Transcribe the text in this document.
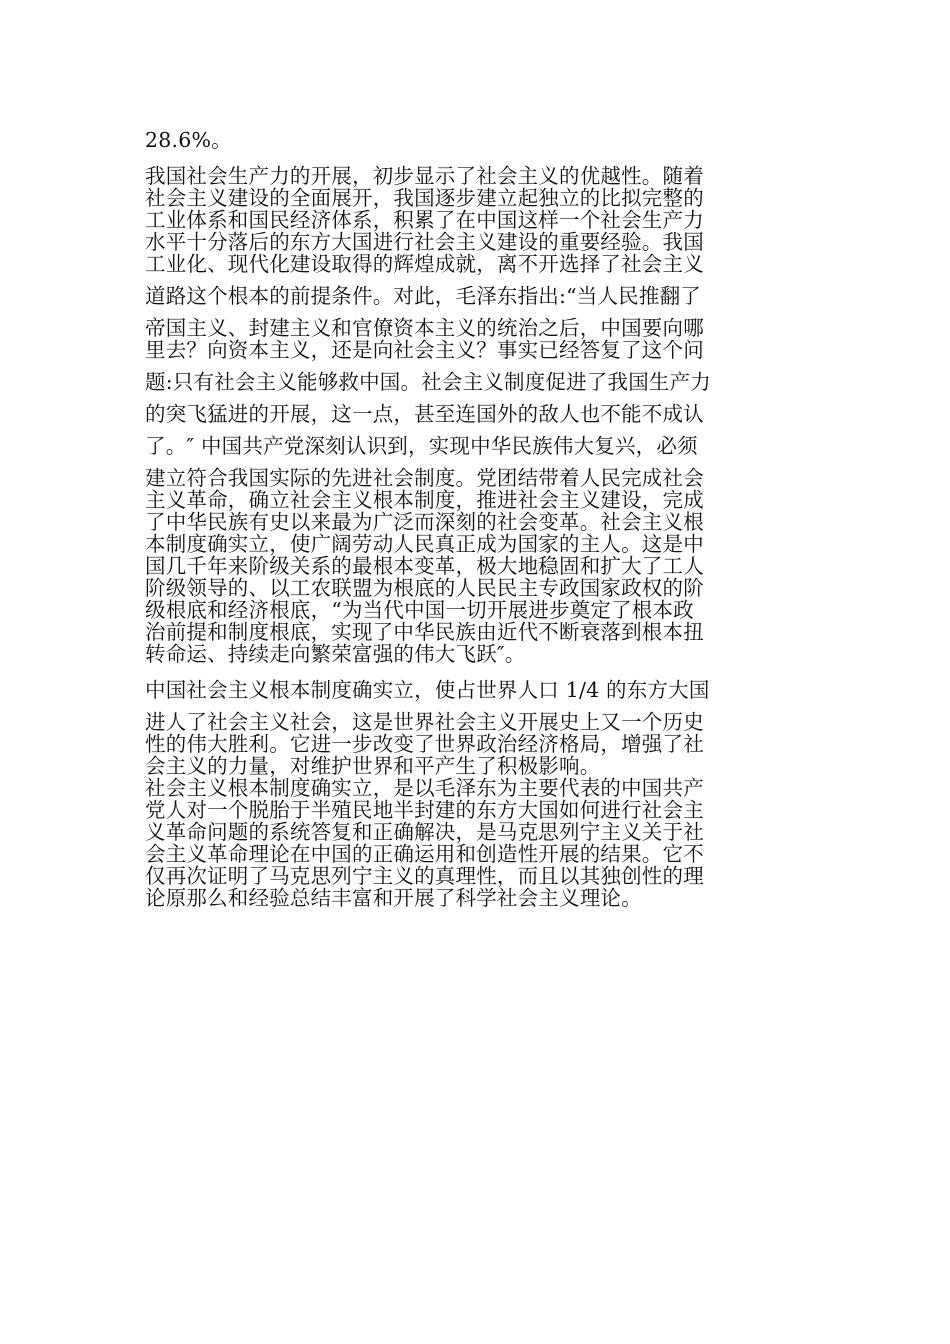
28.6%。
我国社会生产力的开展，初步显示了社会主义的优越性。随着
社会主义建设的全面展开，我国逐步建立起独立的比拟完整的
工业体系和国民经济体系，积累了在中国这样一个社会生产力
水平十分落后的东方大国进行社会主义建设的重要经验。我国
工业化、现代化建设取得的辉煌成就，离不开选择了社会主义
道路这个根本的前提条件。对此，毛泽东指出:“当人民推翻了
帝国主义、封建主义和官僚资本主义的统治之后，中国要向哪
里去？向资本主义，还是向社会主义？事实已经答复了这个问
题:只有社会主义能够救中国。社会主义制度促进了我国生产力
的突飞猛进的开展，这一点，甚至连国外的敌人也不能不成认
了。″ 中国共产党深刻认识到，实现中华民族伟大复兴，必须
建立符合我国实际的先进社会制度。党团结带着人民完成社会
主义革命，确立社会主义根本制度，推进社会主义建设，完成
了中华民族有史以来最为广泛而深刻的社会变革。社会主义根
本制度确实立，使广阔劳动人民真正成为国家的主人。这是中
国几千年来阶级关系的最根本变革，极大地稳固和扩大了工人
阶级领导的、以工农联盟为根底的人民民主专政国家政权的阶
级根底和经济根底，“为当代中国一切开展进步奠定了根本政
治前提和制度根底，实现了中华民族由近代不断衰落到根本扭
转命运、持续走向繁荣富强的伟大飞跃″。
中国社会主义根本制度确实立，使占世界人口 1/4 的东方大国
进人了社会主义社会，这是世界社会主义开展史上又一个历史
性的伟大胜利。它进一步改变了世界政治经济格局，增强了社
会主义的力量，对维护世界和平产生了积极影响。
社会主义根本制度确实立，是以毛泽东为主要代表的中国共产
党人对一个脱胎于半殖民地半封建的东方大国如何进行社会主
义革命问题的系统答复和正确解决，是马克思列宁主义关于社
会主义革命理论在中国的正确运用和创造性开展的结果。它不
仅再次证明了马克思列宁主义的真理性，而且以其独创性的理
论原那么和经验总结丰富和开展了科学社会主义理论。
